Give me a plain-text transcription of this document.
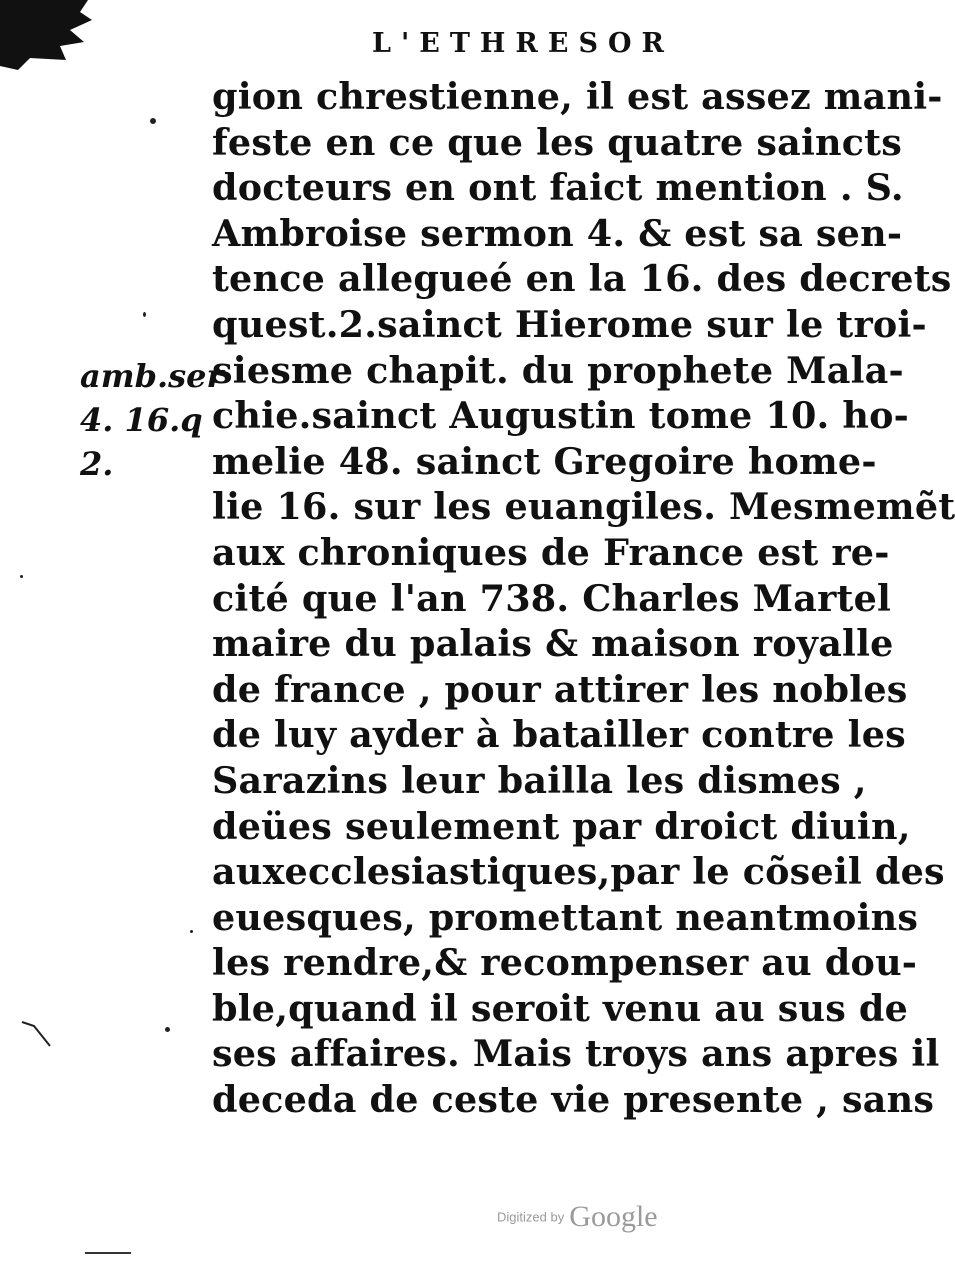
L'ETHRESOR
amb.ser
4. 16.q
2.
gion chrestienne, il est assez mani-
feste en ce que les quatre saincts
docteurs en ont faict mention . S.
Ambroise sermon 4. & est sa sen-
tence allegueé en la 16. des decrets
quest.2.sainct Hierome sur le troi-
siesme chapit. du prophete Mala-
chie.sainct Augustin tome 10. ho-
melie 48. sainct Gregoire home-
lie 16. sur les euangiles. Mesmemẽt
aux chroniques de France est re-
cité que l'an 738. Charles Martel
maire du palais & maison royalle
de france , pour attirer les nobles
de luy ayder à batailler contre les
Sarazins leur bailla les dismes ,
deües seulement par droict diuin,
auxecclesiastiques,par le cõseil des
euesques, promettant neantmoins
les rendre,& recompenser au dou-
ble,quand il seroit venu au sus de
ses affaires. Mais troys ans apres il
deceda de ceste vie presente , sans
Digitized by Google
